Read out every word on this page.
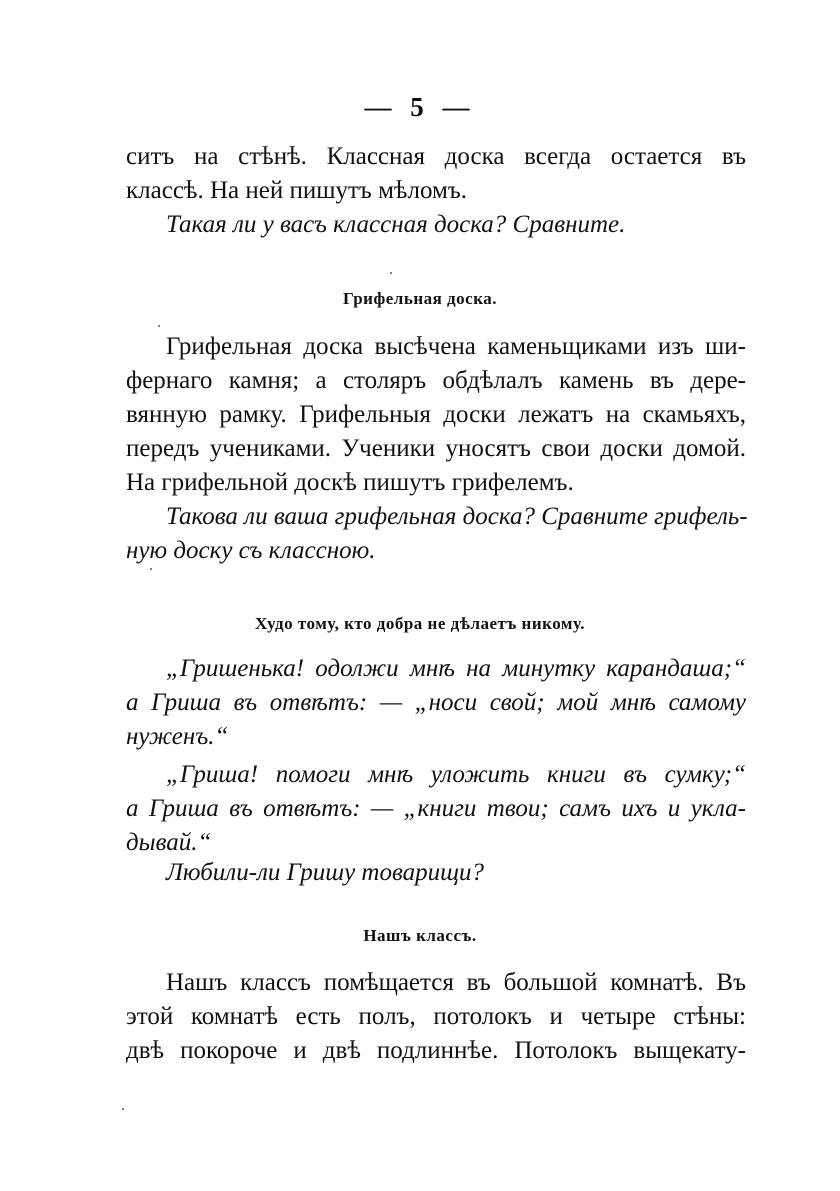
— 5 —
ситъ на стѣнѣ. Классная доска всегда остается въ
классѣ. На ней пишутъ мѣломъ.
Такая ли у васъ классная доска? Сравните.
Грифельная доска.
Грифельная доска высѣчена каменьщиками изъ ши-
фернаго камня; а столяръ обдѣлалъ камень въ дере-
вянную рамку. Грифельныя доски лежатъ на скамьяхъ,
передъ учениками. Ученики уносятъ свои доски домой.
На грифельной доскѣ пишутъ грифелемъ.
Такова ли ваша грифельная доска? Сравните грифель-
ную доску съ классною.
Худо тому, кто добра не дѣлаетъ никому.
„Гришенька! одолжи мнѣ на минутку карандаша;“
а Гриша въ отвѣтъ: — „носи свой; мой мнѣ самому
нуженъ.“
„Гриша! помоги мнѣ уложить книги въ сумку;“
а Гриша въ отвѣтъ: — „книги твои; самъ ихъ и укла-
дывай.“
Любили-ли Гришу товарищи?
Нашъ классъ.
Нашъ классъ помѣщается въ большой комнатѣ. Въ
этой комнатѣ есть полъ, потолокъ и четыре стѣны:
двѣ покороче и двѣ подлиннѣе. Потолокъ выщекату-
